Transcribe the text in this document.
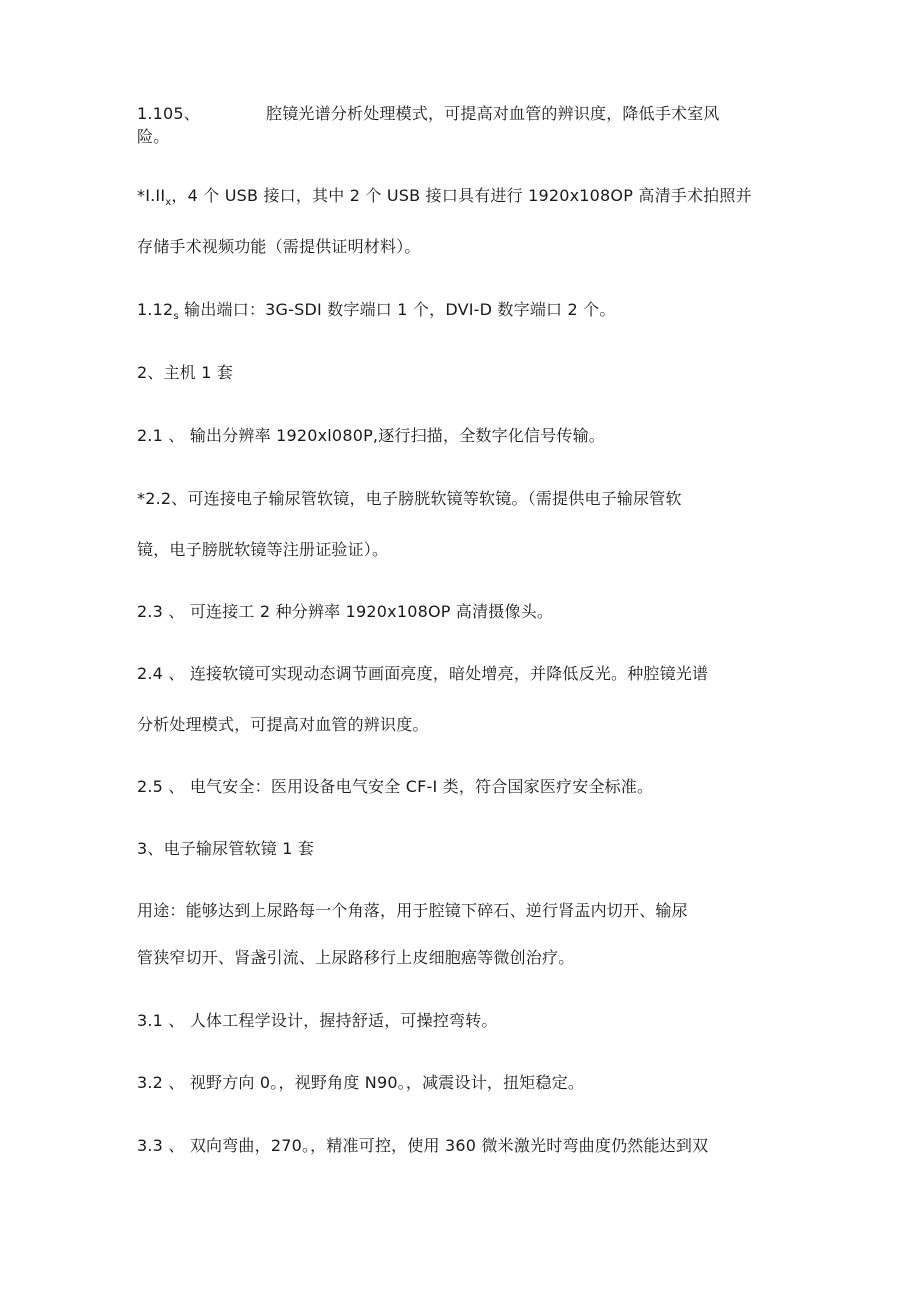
1.105、	腔镜光谱分析处理模式，可提高对血管的辨识度，降低手术室风
险。
$*I.II_x$，4 个 USB 接口，其中 2 个 USB 接口具有进行 1920x108OP 高清手术拍照并
存储手术视频功能（需提供证明材料）。
$1.12_s$ 输出端口：3G-SDI 数字端口 1 个，DVI-D 数字端口 2 个。
2、主机 1 套
2.1 、 输出分辨率 1920xl080P,逐行扫描，全数字化信号传输。
*2.2、可连接电子输尿管软镜，电子膀胱软镜等软镜。（需提供电子输尿管软
镜，电子膀胱软镜等注册证验证）。
2.3 、 可连接工 2 种分辨率 1920x108OP 高清摄像头。
2.4 、 连接软镜可实现动态调节画面亮度，暗处增亮，并降低反光。种腔镜光谱
分析处理模式，可提高对血管的辨识度。
2.5 、 电气安全：医用设备电气安全 CF-I 类，符合国家医疗安全标准。
3、电子输尿管软镜 1 套
用途：能够达到上尿路每一个角落，用于腔镜下碎石、逆行肾盂内切开、输尿
管狭窄切开、肾盏引流、上尿路移行上皮细胞癌等微创治疗。
3.1 、 人体工程学设计，握持舒适，可操控弯转。
3.2 、 视野方向 0。，视野角度 N90。，减震设计，扭矩稳定。
3.3 、 双向弯曲，270。，精准可控，使用 360 微米激光时弯曲度仍然能达到双
